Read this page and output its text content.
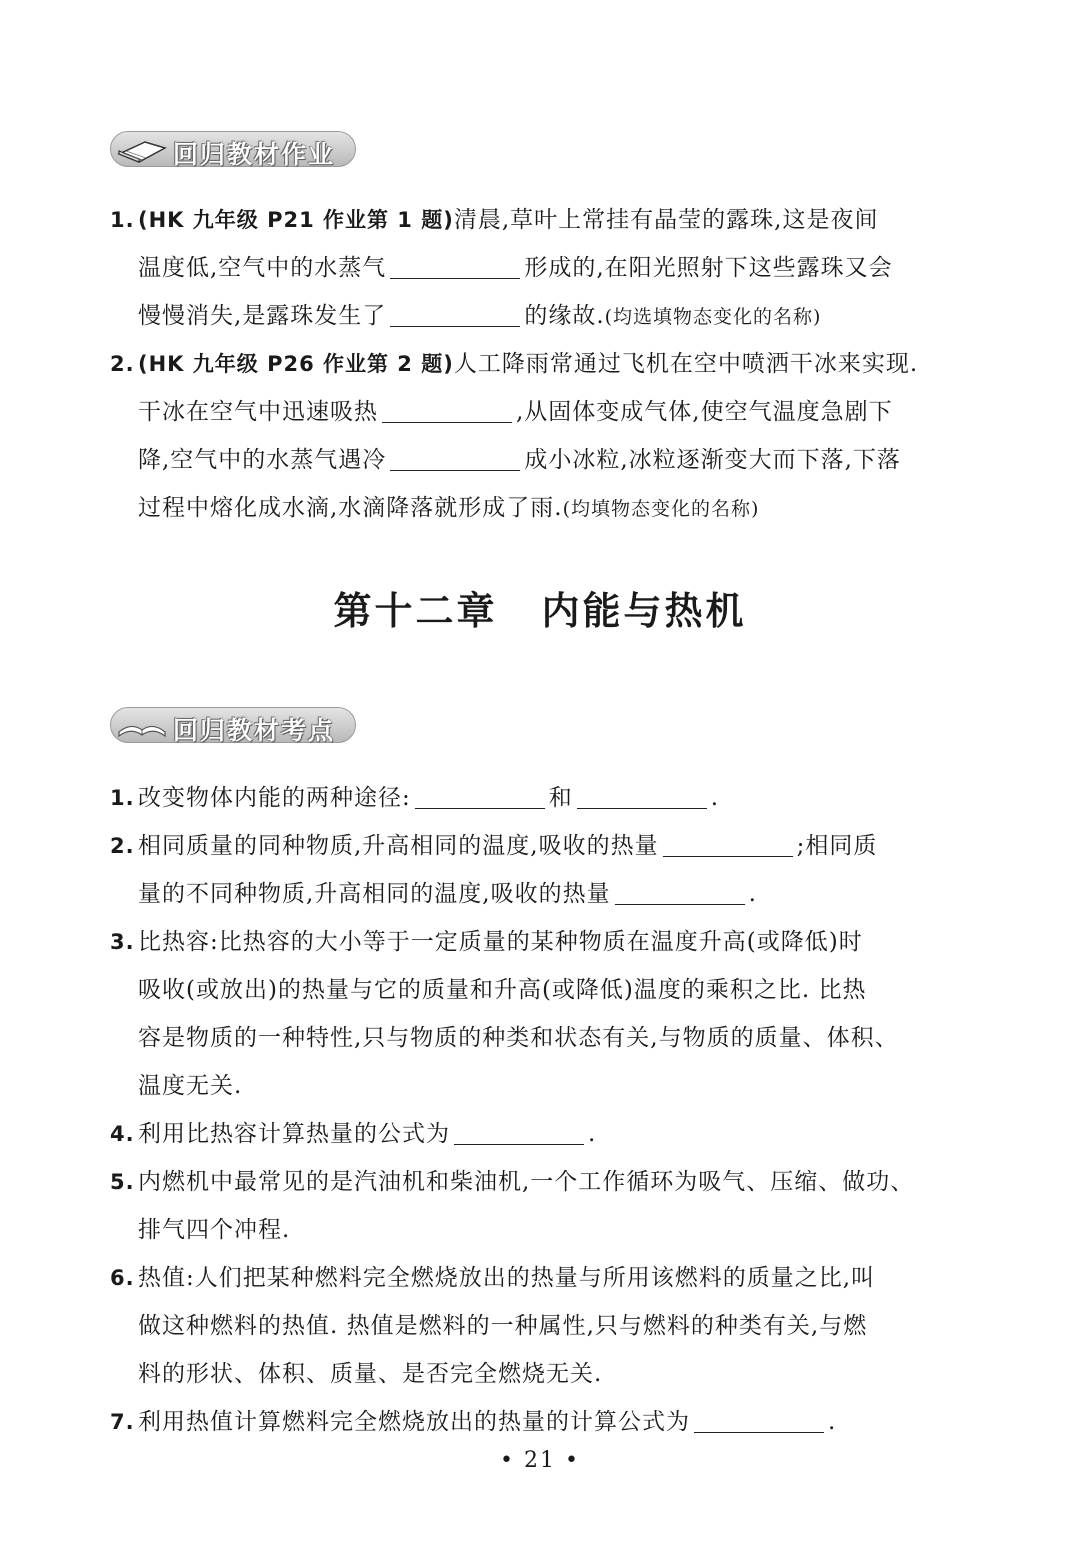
回归教材作业
1. (HK 九年级 P21 作业第 1 题)清晨,草叶上常挂有晶莹的露珠,这是夜间
温度低,空气中的水蒸气	形成的,在阳光照射下这些露珠又会
慢慢消失,是露珠发生了	的缘故.(均选填物态变化的名称)
2. (HK 九年级 P26 作业第 2 题)人工降雨常通过飞机在空中喷洒干冰来实现.
干冰在空气中迅速吸热	,从固体变成气体,使空气温度急剧下
降,空气中的水蒸气遇冷	成小冰粒,冰粒逐渐变大而下落,下落
过程中熔化成水滴,水滴降落就形成了雨.(均填物态变化的名称)
第十二章 内能与热机
回归教材考点
1. 改变物体内能的两种途径:	和	.
2. 相同质量的同种物质,升高相同的温度,吸收的热量	;相同质
量的不同种物质,升高相同的温度,吸收的热量	.
3. 比热容:比热容的大小等于一定质量的某种物质在温度升高(或降低)时
吸收(或放出)的热量与它的质量和升高(或降低)温度的乘积之比. 比热
容是物质的一种特性,只与物质的种类和状态有关,与物质的质量、体积、
温度无关.
4. 利用比热容计算热量的公式为	.
5. 内燃机中最常见的是汽油机和柴油机,一个工作循环为吸气、压缩、做功、
排气四个冲程.
6. 热值:人们把某种燃料完全燃烧放出的热量与所用该燃料的质量之比,叫
做这种燃料的热值. 热值是燃料的一种属性,只与燃料的种类有关,与燃
料的形状、体积、质量、是否完全燃烧无关.
7. 利用热值计算燃料完全燃烧放出的热量的计算公式为	.
• 21 •
